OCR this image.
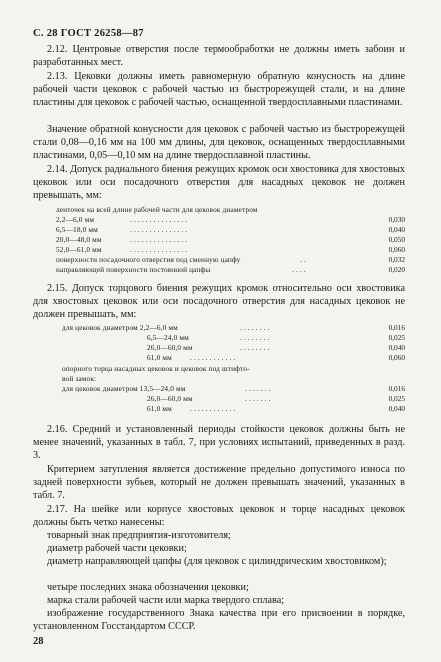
С. 28 ГОСТ 26258—87
2.12. Центровые отверстия после термообработки не должны иметь забоин и разработанных мест.
2.13. Цековки должны иметь равномерную обратную конусность на длине рабочей части цековок с рабочей частью из быстрорежущей стали, и на длине пластины для цековок с рабочей частью, оснащенной твердосплавными пластинами.
Значение обратной конусности для цековок с рабочей частью из быстрорежущей стали 0,08—0,16 мм на 100 мм длины, для цековок, оснащенных твердосплавными пластинами, 0,05—0,10 мм на длине твердосплавной пластины.
2.14. Допуск радиального биения режущих кромок оси хвостовика для хвостовых цековок или оси посадочного отверстия для насадных цековок не должен превышать, мм:
ленточек на всей длине рабочей части для цековок диаметром
2,2—6,0 мм	. . . . . . . . . . . . . . .	0,030
6,5—18,0 мм	. . . . . . . . . . . . . . .	0,040
20,0—48,0 мм	. . . . . . . . . . . . . . .	0,050
52,0—61,0 мм	. . . . . . . . . . . . . . .	0,060
поверхности посадочного отверстия под сменную цапфу	. .	0,032
направляющей поверхности постоянной цапфы	. . . .	0,020
2.15. Допуск торцового биения режущих кромок относительно оси хвостовика для хвостовых цековок или оси посадочного отверстия для насадных цековок не должен превышать, мм:
для цековок диаметром 2,2—6,0 мм	. . . . . . . .	0,016
6,5—24,0 мм	. . . . . . . .	0,025
26,0—60,0 мм	. . . . . . . .	0,040
61,0 мм . . . . . . . . . . . .	0,060
опорного торца насадных цековок и цековок под штифто-
вой замок:
для цековок диаметром 13,5—24,0 мм	. . . . . . .	0,016
26,0—60,0 мм	. . . . . . .	0,025
61,0 мм . . . . . . . . . . . .	0,040
2.16. Средний и установленный периоды стойкости цековок должны быть не менее значений, указанных в табл. 7, при условиях испытаний, приведенных в разд. 3.
Критерием затупления является достижение предельно допустимого износа по задней поверхности зубьев, который не должен превышать значений, указанных в табл. 7.
2.17. На шейке или корпусе хвостовых цековок и торце насадных цековок должны быть четко нанесены:
товарный знак предприятия-изготовителя;
диаметр рабочей части цековки;
диаметр направляющей цапфы (для цековок с цилиндрическим хвостовиком);
четыре последних знака обозначения цековки;
марка стали рабочей части или марка твердого сплава;
изображение государственного Знака качества при его присвоении в порядке, установленном Госстандартом СССР.
28
